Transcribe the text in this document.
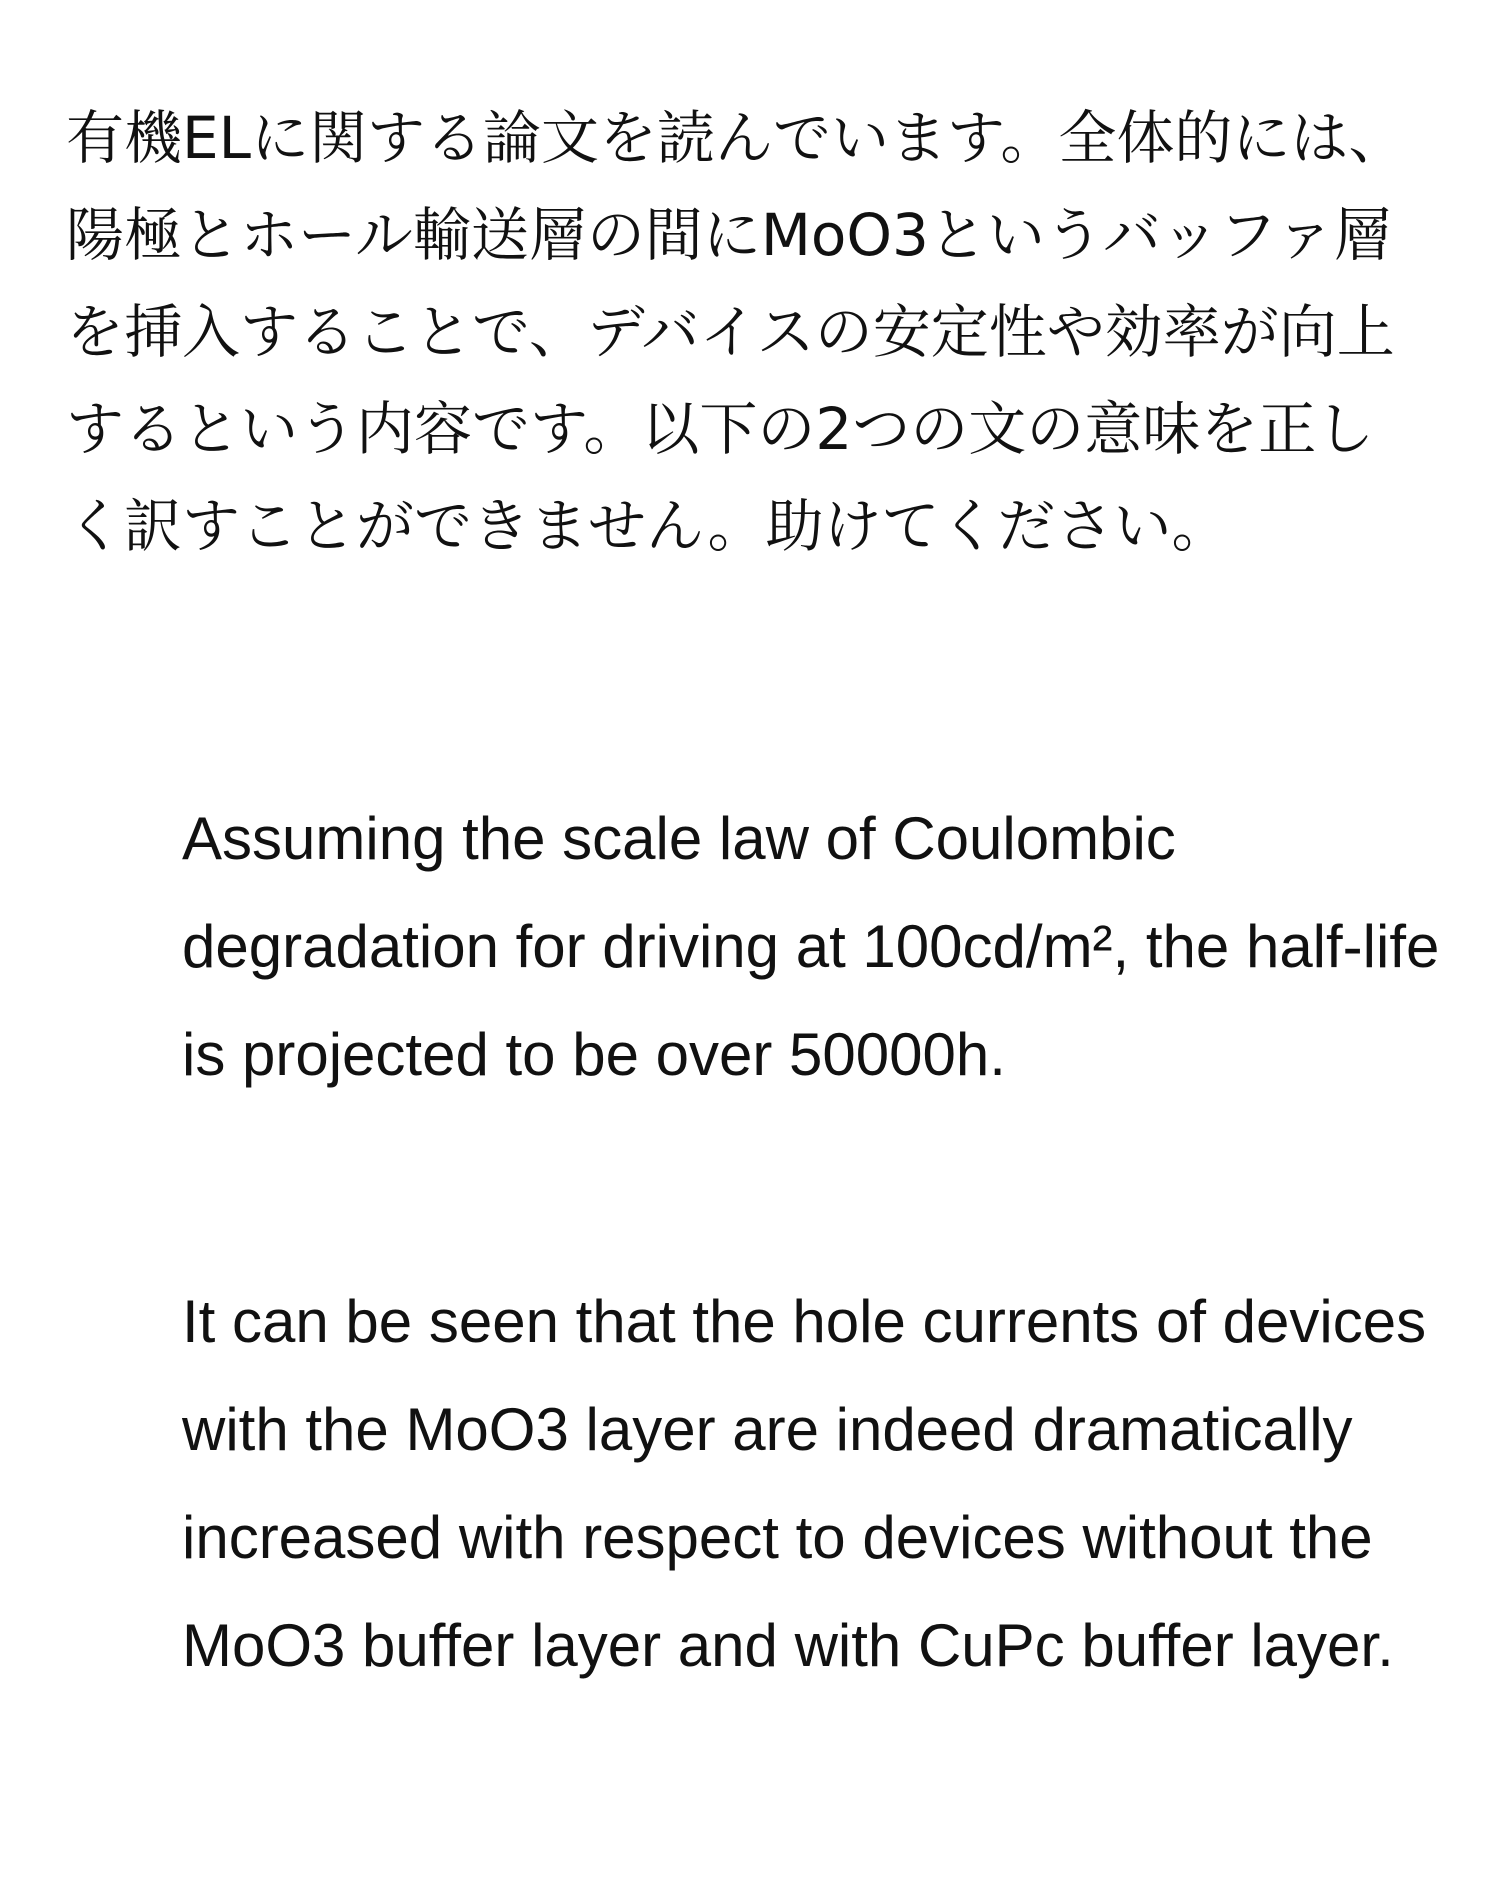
有機ELに関する論文を読んでいます。全体的には、陽極とホール輸送層の間にMoO3というバッファ層を挿入することで、デバイスの安定性や効率が向上するという内容です。以下の2つの文の意味を正しく訳すことができません。助けてください。

Assuming the scale law of Coulombic degradation for driving at 100cd/m², the half-life is projected to be over 50000h.

It can be seen that the hole currents of devices with the MoO3 layer are indeed dramatically increased with respect to devices without the MoO3 buffer layer and with CuPc buffer layer.
